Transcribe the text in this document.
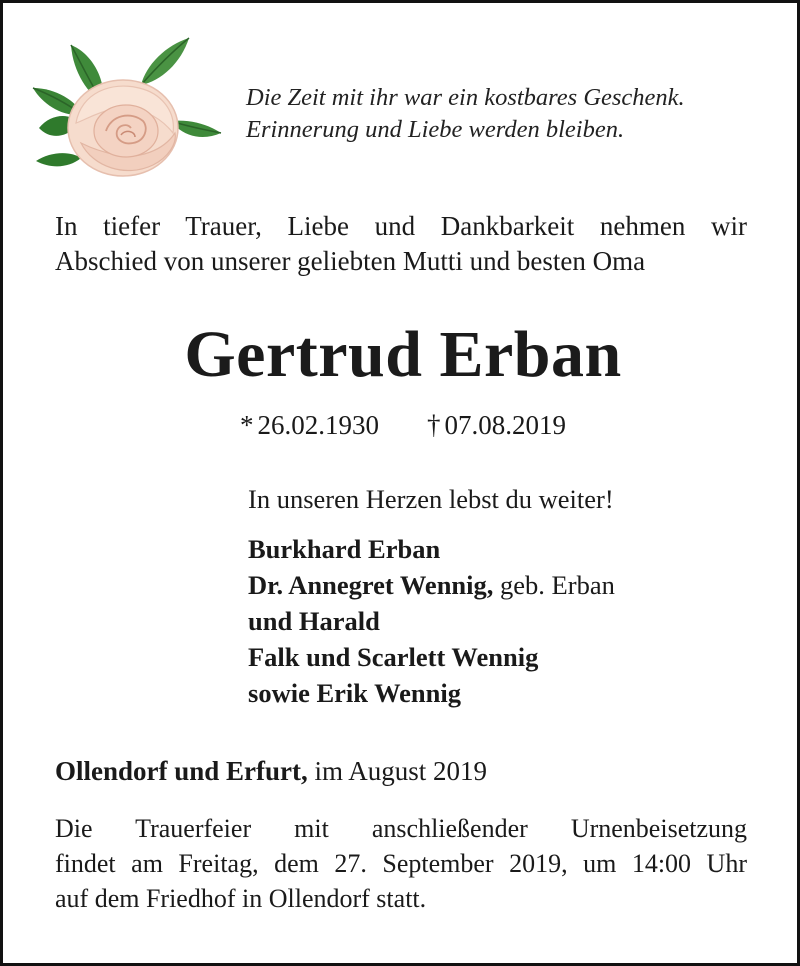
Die Zeit mit ihr war ein kostbares Geschenk.
Erinnerung und Liebe werden bleiben.
In tiefer Trauer, Liebe und Dankbarkeit nehmen wir
Abschied von unserer geliebten Mutti und besten Oma
Gertrud Erban
* 26.02.1930 † 07.08.2019
In unseren Herzen lebst du weiter!
Burkhard Erban
Dr. Annegret Wennig, geb. Erban
und Harald
Falk und Scarlett Wennig
sowie Erik Wennig
Ollendorf und Erfurt, im August 2019
Die Trauerfeier mit anschließender Urnenbeisetzung
findet am Freitag, dem 27. September 2019, um 14:00 Uhr
auf dem Friedhof in Ollendorf statt.
